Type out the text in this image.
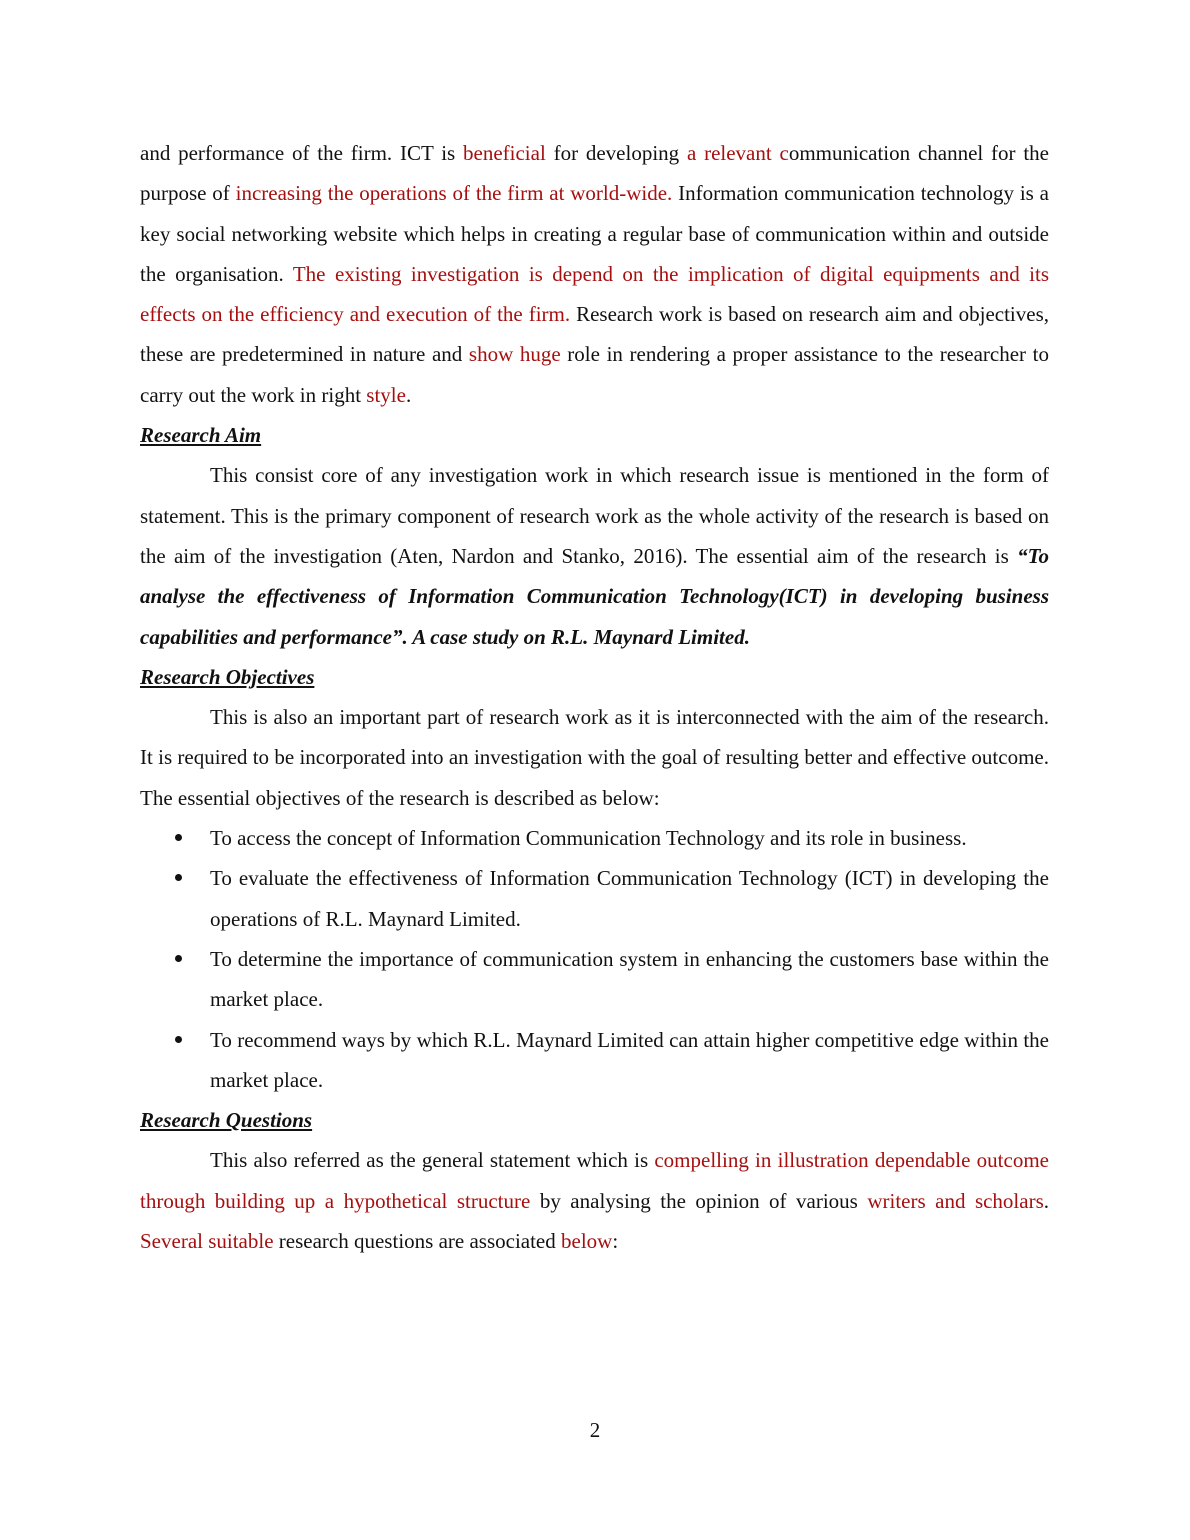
and performance of the firm. ICT is beneficial for developing a relevant communication channel for the purpose of increasing the operations of the firm at world-wide. Information communication technology is a key social networking website which helps in creating a regular base of communication within and outside the organisation. The existing investigation is depend on the implication of digital equipments and its effects on the efficiency and execution of the firm. Research work is based on research aim and objectives, these are predetermined in nature and show huge role in rendering a proper assistance to the researcher to carry out the work in right style.

Research Aim

This consist core of any investigation work in which research issue is mentioned in the form of statement. This is the primary component of research work as the whole activity of the research is based on the aim of the investigation (Aten, Nardon and Stanko, 2016). The essential aim of the research is “To analyse the effectiveness of Information Communication Technology(ICT) in developing business capabilities and performance”. A case study on R.L. Maynard Limited.

Research Objectives

This is also an important part of research work as it is interconnected with the aim of the research. It is required to be incorporated into an investigation with the goal of resulting better and effective outcome. The essential objectives of the research is described as below:

To access the concept of Information Communication Technology and its role in business.
To evaluate the effectiveness of Information Communication Technology (ICT) in developing the operations of R.L. Maynard Limited.
To determine the importance of communication system in enhancing the customers base within the market place.
To recommend ways by which R.L. Maynard Limited can attain higher competitive edge within the market place.
Research Questions

This also referred as the general statement which is compelling in illustration dependable outcome through building up a hypothetical structure by analysing the opinion of various writers and scholars. Several suitable research questions are associated below:

2
